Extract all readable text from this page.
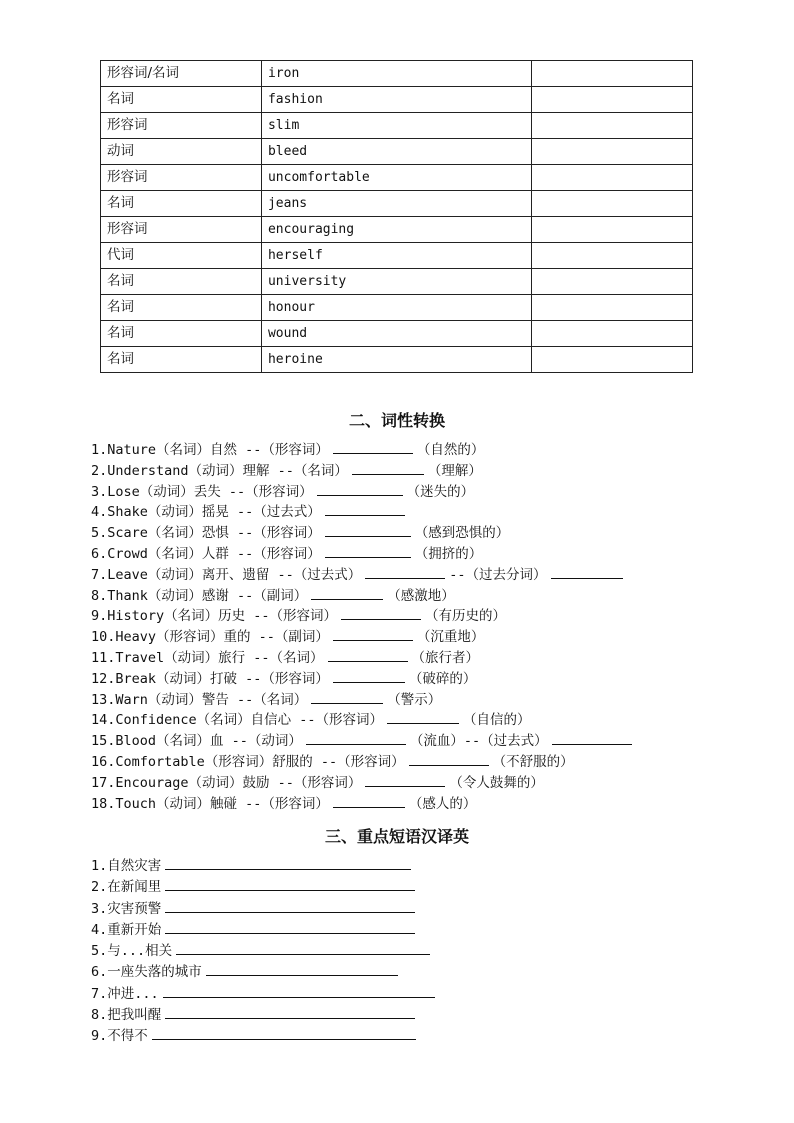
形容词/名词	iron	
名词	fashion	
形容词	slim	
动词	bleed	
形容词	uncomfortable	
名词	jeans	
形容词	encouraging	
代词	herself	
名词	university	
名词	honour	
名词	wound	
名词	heroine	
二、词性转换
1.Nature（名词）自然 --（形容词）	（自然的）
2.Understand（动词）理解 --（名词）	（理解）
3.Lose（动词）丢失 --（形容词）	（迷失的）
4.Shake（动词）摇晃 --（过去式）
5.Scare（名词）恐惧 --（形容词）	（感到恐惧的）
6.Crowd（名词）人群 --（形容词）	（拥挤的）
7.Leave（动词）离开、遗留 --（过去式）	--（过去分词）
8.Thank（动词）感谢 --（副词）	（感激地）
9.History（名词）历史 --（形容词）	（有历史的）
10.Heavy（形容词）重的 --（副词）	（沉重地）
11.Travel（动词）旅行 --（名词）	（旅行者）
12.Break（动词）打破 --（形容词）	（破碎的）
13.Warn（动词）警告 --（名词）	（警示）
14.Confidence（名词）自信心 --（形容词）	（自信的）
15.Blood（名词）血 --（动词）	（流血）--（过去式）
16.Comfortable（形容词）舒服的 --（形容词）	（不舒服的）
17.Encourage（动词）鼓励 --（形容词）	（令人鼓舞的）
18.Touch（动词）触碰 --（形容词）	（感人的）
三、重点短语汉译英
1.自然灾害
2.在新闻里
3.灾害预警
4.重新开始
5.与...相关
6.一座失落的城市
7.冲进...
8.把我叫醒
9.不得不
